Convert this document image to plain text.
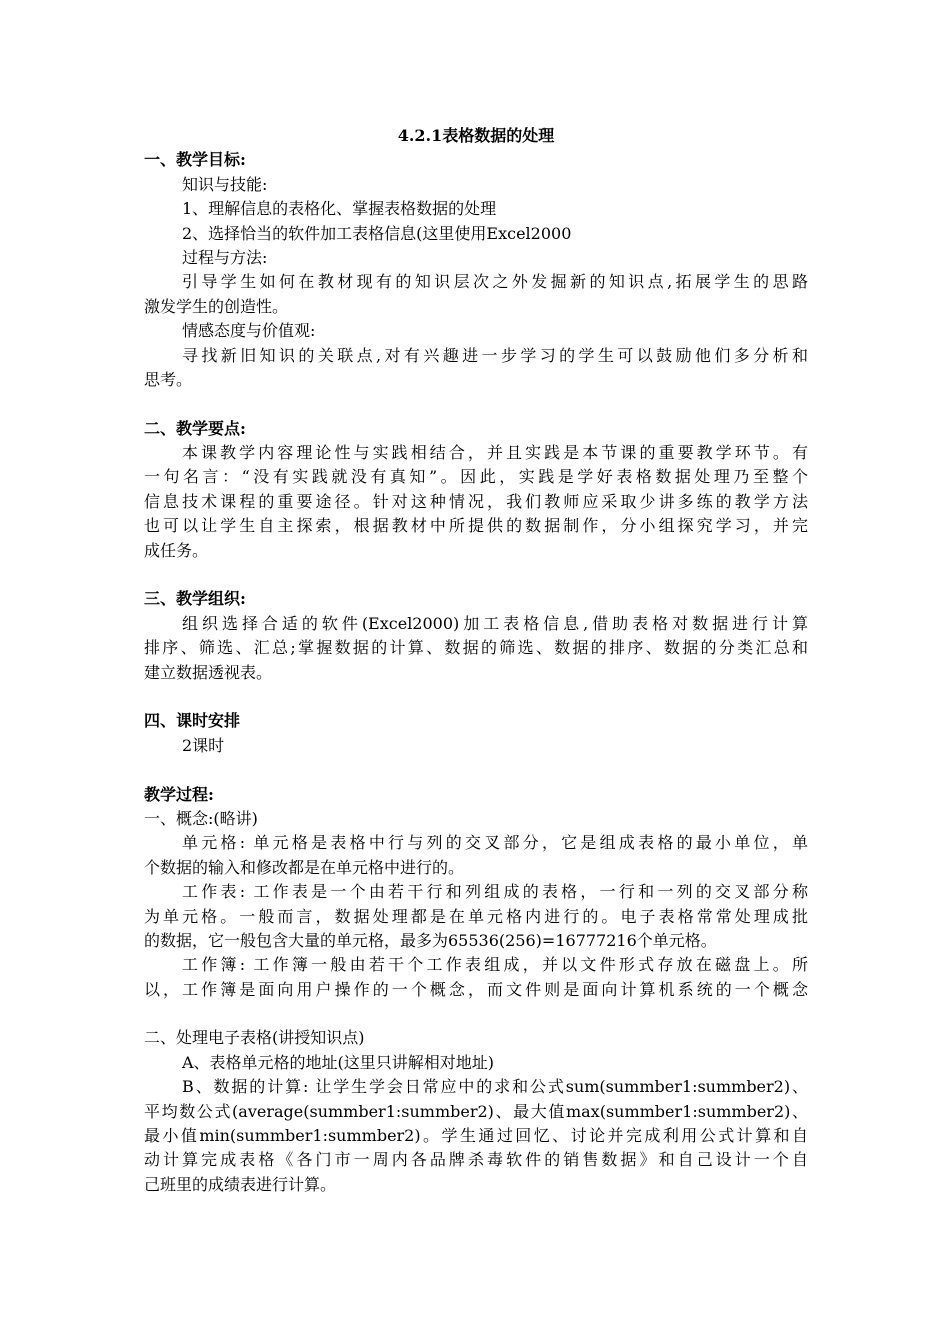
4.2.1表格数据的处理
一、教学目标:
知识与技能:
1、理解信息的表格化、掌握表格数据的处理
2、选择恰当的软件加工表格信息(这里使用Excel2000
过程与方法:
引导学生如何在教材现有的知识层次之外发掘新的知识点,拓展学生的思路
激发学生的创造性。
情感态度与价值观:
寻找新旧知识的关联点,对有兴趣进一步学习的学生可以鼓励他们多分析和
思考。
二、教学要点:
本课教学内容理论性与实践相结合，并且实践是本节课的重要教学环节。有
一句名言：“没有实践就没有真知”。因此，实践是学好表格数据处理乃至整个
信息技术课程的重要途径。针对这种情况，我们教师应采取少讲多练的教学方法
也可以让学生自主探索，根据教材中所提供的数据制作，分小组探究学习，并完
成任务。
三、教学组织:
组织选择合适的软件(Excel2000)加工表格信息,借助表格对数据进行计算
排序、筛选、汇总;掌握数据的计算、数据的筛选、数据的排序、数据的分类汇总和
建立数据透视表。
四、课时安排
2课时
教学过程:
一、概念:(略讲)
单元格: 单元格是表格中行与列的交叉部分，它是组成表格的最小单位，单
个数据的输入和修改都是在单元格中进行的。
工作表: 工作表是一个由若干行和列组成的表格，一行和一列的交叉部分称
为单元格。一般而言，数据处理都是在单元格内进行的。电子表格常常处理成批
的数据，它一般包含大量的单元格，最多为65536(256)=16777216个单元格。
工作簿: 工作簿一般由若干个工作表组成，并以文件形式存放在磁盘上。所
以，工作簿是面向用户操作的一个概念，而文件则是面向计算机系统的一个概念
二、处理电子表格(讲授知识点)
A、表格单元格的地址(这里只讲解相对地址)
B、数据的计算: 让学生学会日常应中的求和公式sum(summber1:summber2)、
平均数公式(average(summber1:summber2)、最大值max(summber1:summber2)、
最小值min(summber1:summber2)。学生通过回忆、讨论并完成利用公式计算和自
动计算完成表格《各门市一周内各品牌杀毒软件的销售数据》和自己设计一个自
己班里的成绩表进行计算。
